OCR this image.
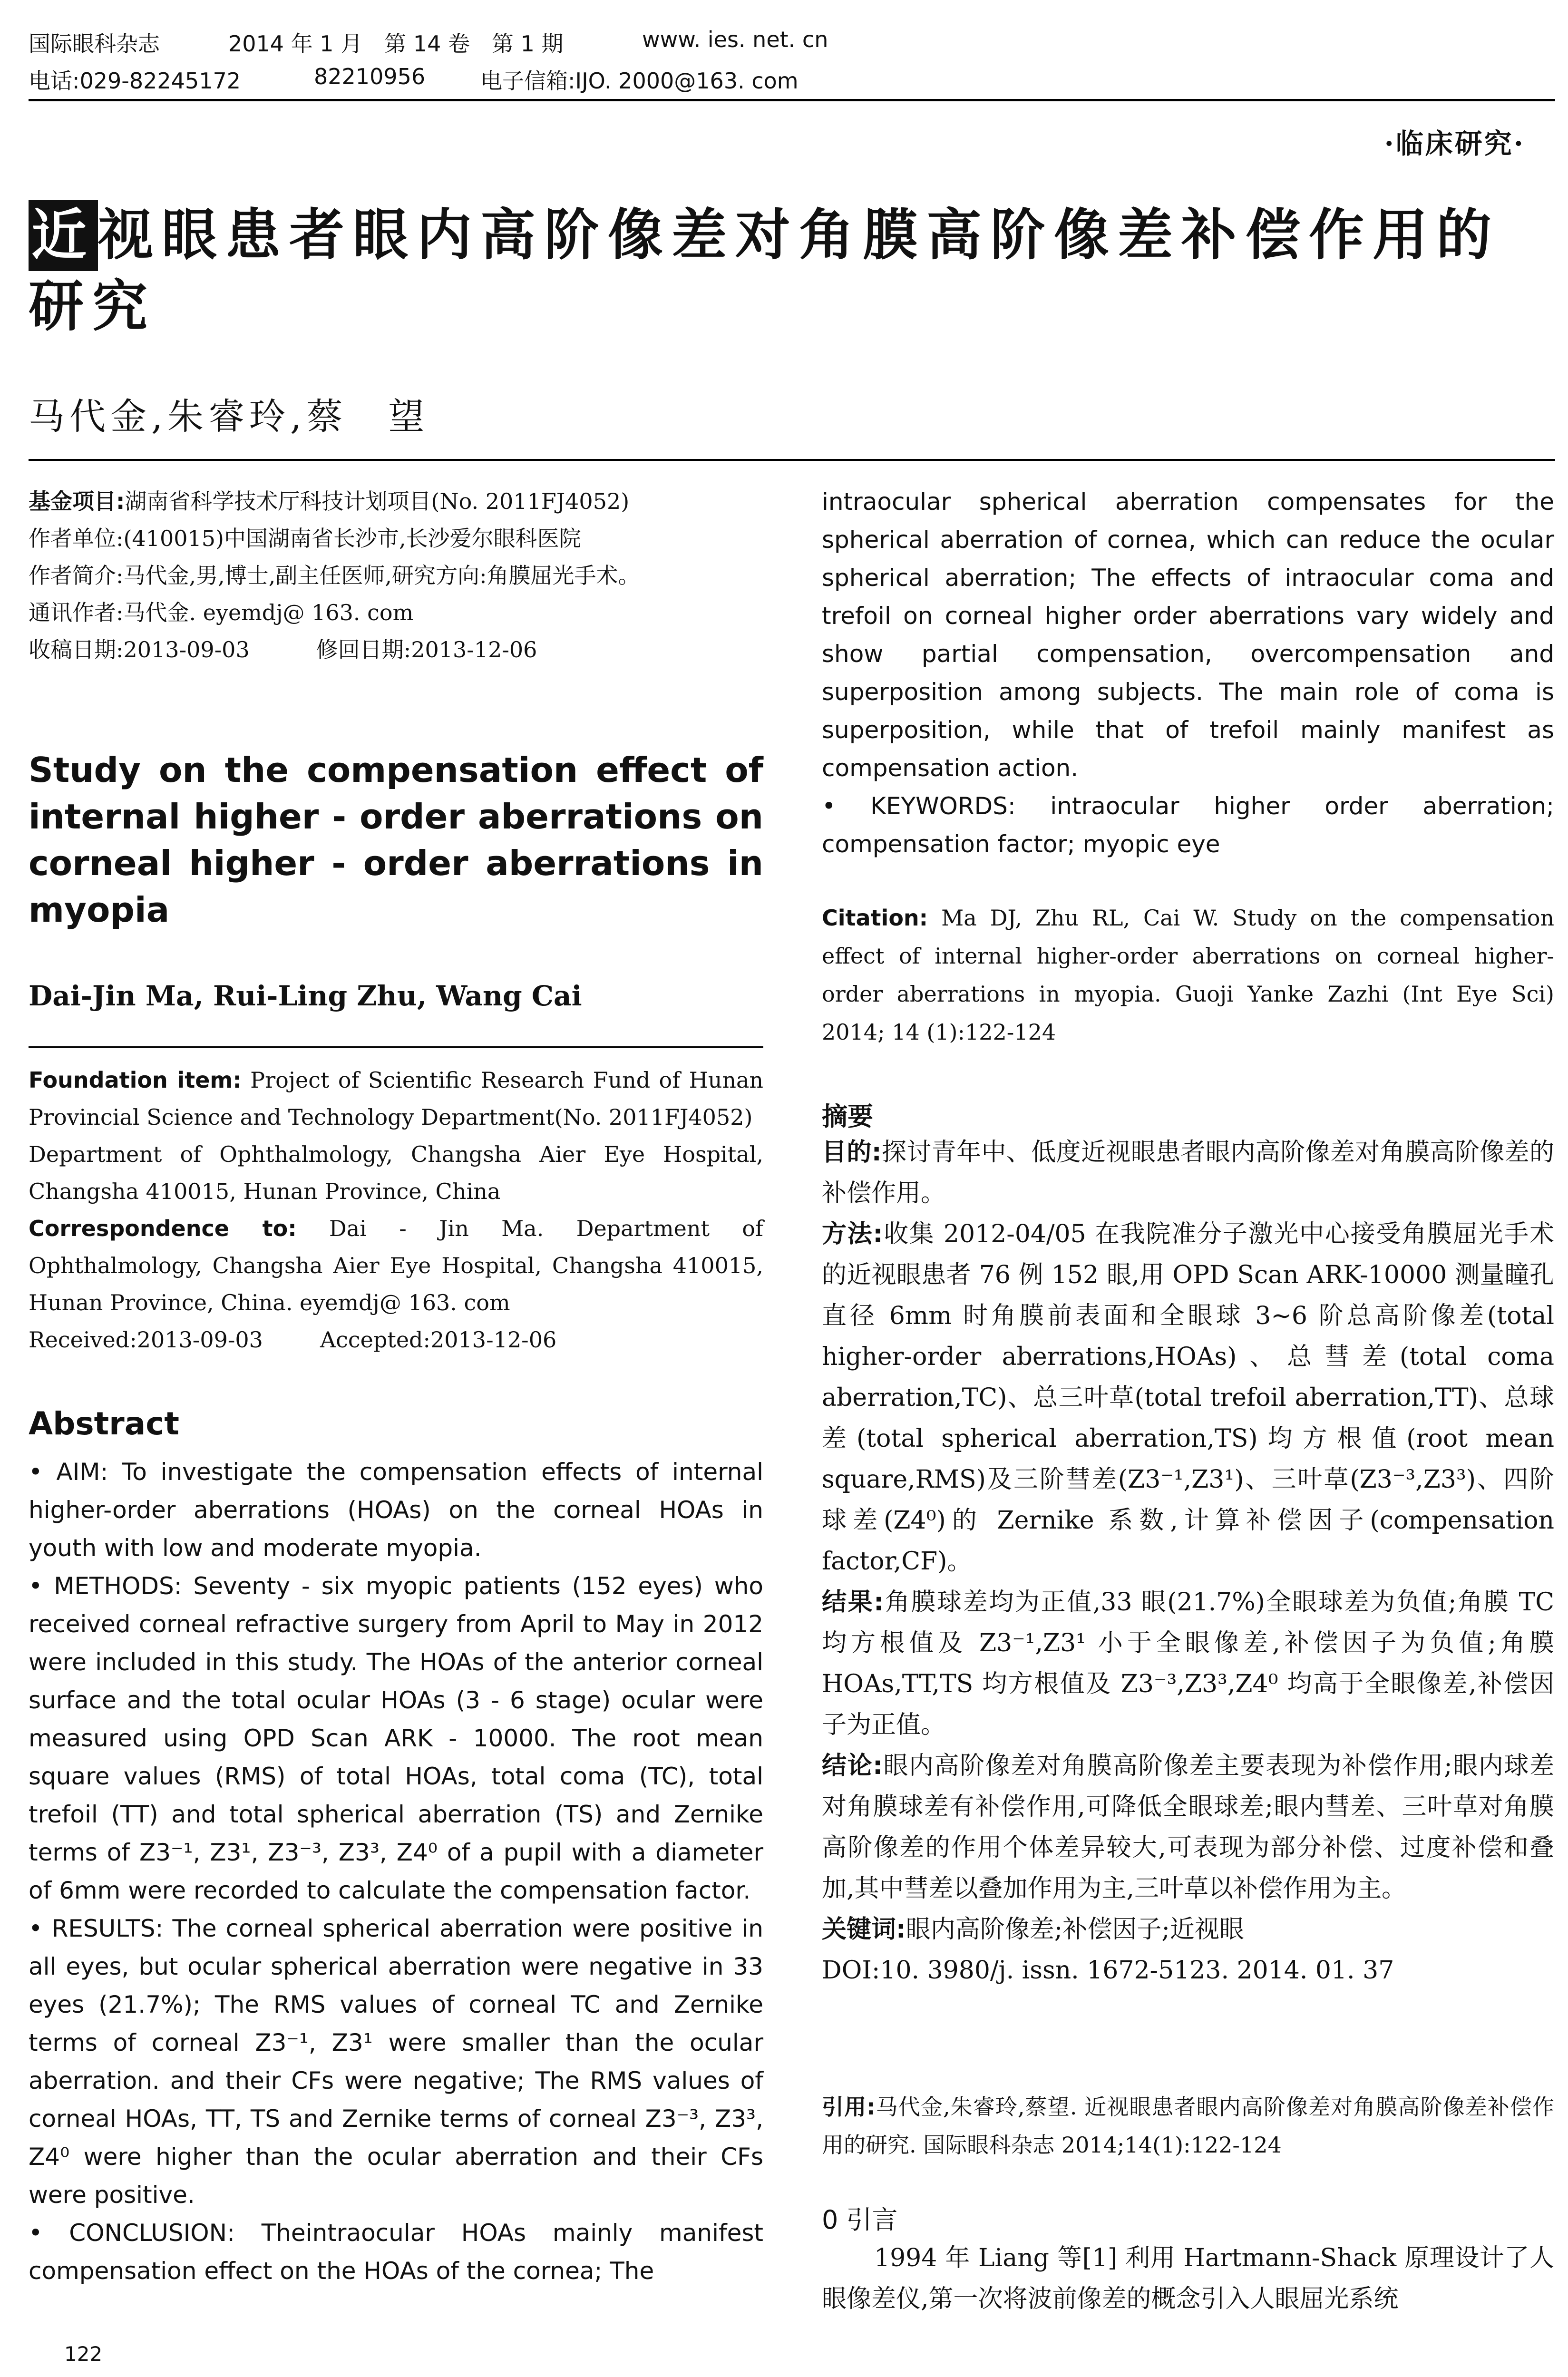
国际眼科杂志	2014 年 1 月　第 14 卷　第 1 期	www. ies. net. cn
电话:029-82245172	82210956	电子信箱:IJO. 2000@163. com
·临床研究·
近视眼患者眼内高阶像差对角膜高阶像差补偿作用的
研究
马代金,朱睿玲,蔡　望

基金项目:湖南省科学技术厅科技计划项目(No. 2011FJ4052)

作者单位:(410015)中国湖南省长沙市,长沙爱尔眼科医院

作者简介:马代金,男,博士,副主任医师,研究方向:角膜屈光手术。

通讯作者:马代金. eyemdj@ 163. com

收稿日期:2013-09-03	修回日期:2013-12-06

Study on the compensation effect of internal higher - order aberrations on corneal higher - order aberrations in myopia
Dai-Jin Ma, Rui-Ling Zhu, Wang Cai

Foundation item: Project of Scientific Research Fund of Hunan Provincial Science and Technology Department(No. 2011FJ4052)

Department of Ophthalmology, Changsha Aier Eye Hospital, Changsha 410015, Hunan Province, China

Correspondence to: Dai - Jin Ma. Department of Ophthalmology, Changsha Aier Eye Hospital, Changsha 410015, Hunan Province, China. eyemdj@ 163. com

Received:2013-09-03	Accepted:2013-12-06

Abstract

• AIM: To investigate the compensation effects of internal higher-order aberrations (HOAs) on the corneal HOAs in youth with low and moderate myopia.

• METHODS: Seventy - six myopic patients (152 eyes) who received corneal refractive surgery from April to May in 2012 were included in this study. The HOAs of the anterior corneal surface and the total ocular HOAs (3 - 6 stage) ocular were measured using OPD Scan ARK - 10000. The root mean square values (RMS) of total HOAs, total coma (TC), total trefoil (TT) and total spherical aberration (TS) and Zernike terms of Z3⁻¹, Z3¹, Z3⁻³, Z3³, Z4⁰ of a pupil with a diameter of 6mm were recorded to calculate the compensation factor.

• RESULTS: The corneal spherical aberration were positive in all eyes, but ocular spherical aberration were negative in 33 eyes (21.7%); The RMS values of corneal TC and Zernike terms of corneal Z3⁻¹, Z3¹ were smaller than the ocular aberration. and their CFs were negative; The RMS values of corneal HOAs, TT, TS and Zernike terms of corneal Z3⁻³, Z3³, Z4⁰ were higher than the ocular aberration and their CFs were positive.

• CONCLUSION: Theintraocular HOAs mainly manifest compensation effect on the HOAs of the cornea; The

122

intraocular spherical aberration compensates for the spherical aberration of cornea, which can reduce the ocular spherical aberration; The effects of intraocular coma and trefoil on corneal higher order aberrations vary widely and show partial compensation, overcompensation and superposition among subjects. The main role of coma is superposition, while that of trefoil mainly manifest as compensation action.

• KEYWORDS: intraocular higher order aberration; compensation factor; myopic eye

Citation: Ma DJ, Zhu RL, Cai W. Study on the compensation effect of internal higher-order aberrations on corneal higher-order aberrations in myopia. Guoji Yanke Zazhi (Int Eye Sci) 2014; 14 (1):122-124

摘要

目的:探讨青年中、低度近视眼患者眼内高阶像差对角膜高阶像差的补偿作用。

方法:收集 2012-04/05 在我院准分子激光中心接受角膜屈光手术的近视眼患者 76 例 152 眼,用 OPD Scan ARK-10000 测量瞳孔直径 6mm 时角膜前表面和全眼球 3~6 阶总高阶像差(total higher-order aberrations,HOAs)、总彗差(total coma aberration,TC)、总三叶草(total trefoil aberration,TT)、总球差(total spherical aberration,TS)均方根值(root mean square,RMS)及三阶彗差(Z3⁻¹,Z3¹)、三叶草(Z3⁻³,Z3³)、四阶球差(Z4⁰)的 Zernike 系数,计算补偿因子(compensation factor,CF)。

结果:角膜球差均为正值,33 眼(21.7%)全眼球差为负值;角膜 TC 均方根值及 Z3⁻¹,Z3¹ 小于全眼像差,补偿因子为负值;角膜 HOAs,TT,TS 均方根值及 Z3⁻³,Z3³,Z4⁰ 均高于全眼像差,补偿因子为正值。

结论:眼内高阶像差对角膜高阶像差主要表现为补偿作用;眼内球差对角膜球差有补偿作用,可降低全眼球差;眼内彗差、三叶草对角膜高阶像差的作用个体差异较大,可表现为部分补偿、过度补偿和叠加,其中彗差以叠加作用为主,三叶草以补偿作用为主。

关键词:眼内高阶像差;补偿因子;近视眼

DOI:10. 3980/j. issn. 1672-5123. 2014. 01. 37

引用:马代金,朱睿玲,蔡望. 近视眼患者眼内高阶像差对角膜高阶像差补偿作用的研究. 国际眼科杂志 2014;14(1):122-124

0 引言

1994 年 Liang 等[1] 利用 Hartmann-Shack 原理设计了人眼像差仪,第一次将波前像差的概念引入人眼屈光系统
